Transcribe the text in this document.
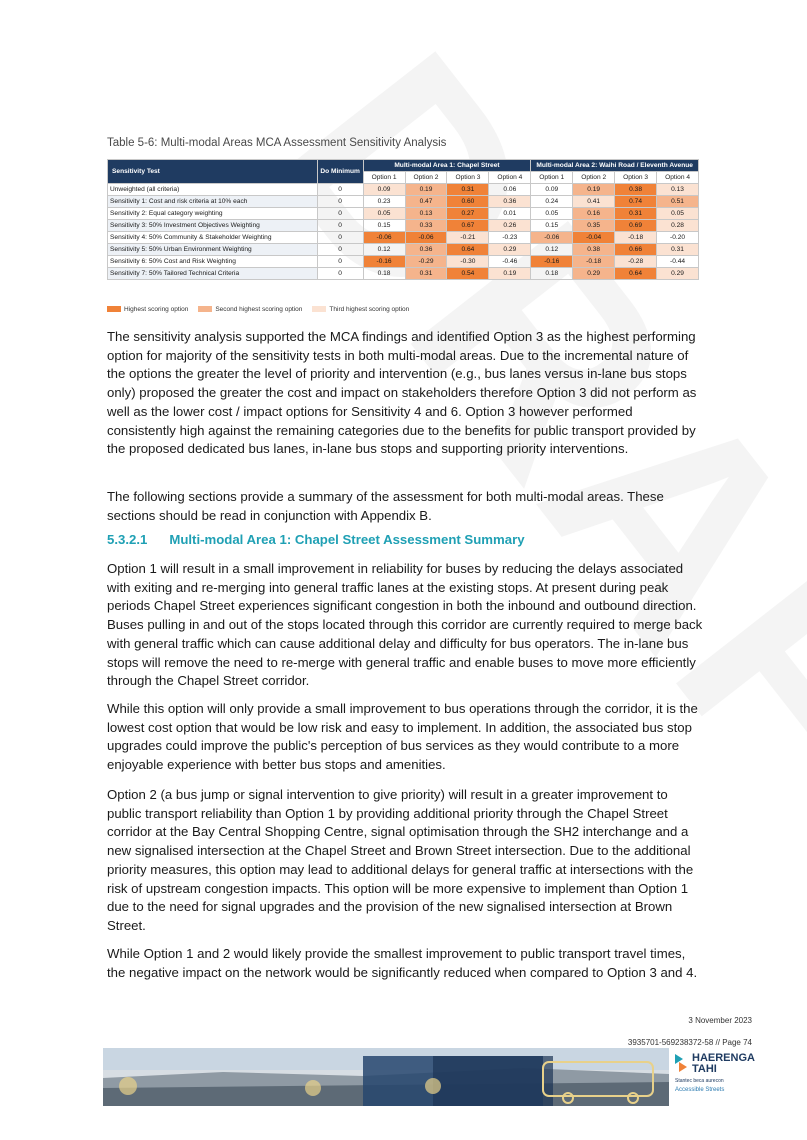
Table 5-6: Multi-modal Areas MCA Assessment Sensitivity Analysis
Sensitivity Test	Do Minimum	Multi-modal Area 1: Chapel Street				Multi-modal Area 2: Waihi Road / Eleventh Avenue			
		Option 1	Option 2	Option 3	Option 4	Option 1	Option 2	Option 3	Option 4
Unweighted (all criteria)	0	0.09	0.19	0.31	0.06	0.09	0.19	0.38	0.13
Sensitivity 1: Cost and risk criteria at 10% each	0	0.23	0.47	0.60	0.36	0.24	0.41	0.74	0.51
Sensitivity 2: Equal category weighting	0	0.05	0.13	0.27	0.01	0.05	0.16	0.31	0.05
Sensitivity 3: 50% Investment Objectives Weighting	0	0.15	0.33	0.67	0.26	0.15	0.35	0.69	0.28
Sensitivity 4: 50% Community & Stakeholder Weighting	0	-0.06	-0.06	-0.21	-0.23	-0.06	-0.04	-0.18	-0.20
Sensitivity 5: 50% Urban Environment Weighting	0	0.12	0.36	0.64	0.29	0.12	0.38	0.66	0.31
Sensitivity 6: 50% Cost and Risk Weighting	0	-0.16	-0.29	-0.30	-0.46	-0.16	-0.18	-0.28	-0.44
Sensitivity 7: 50% Tailored Technical Criteria	0	0.18	0.31	0.54	0.19	0.18	0.29	0.64	0.29
Highest scoring option	Second highest scoring option	Third highest scoring option

The sensitivity analysis supported the MCA findings and identified Option 3 as the highest performing option for majority of the sensitivity tests in both multi-modal areas. Due to the incremental nature of the options the greater the level of priority and intervention (e.g., bus lanes versus in-lane bus stops only) proposed the greater the cost and impact on stakeholders therefore Option 3 did not perform as well as the lower cost / impact options for Sensitivity 4 and 6. Option 3 however performed consistently high against the remaining categories due to the benefits for public transport provided by the proposed dedicated bus lanes, in-lane bus stops and supporting priority interventions.

The following sections provide a summary of the assessment for both multi-modal areas. These sections should be read in conjunction with Appendix B.

5.3.2.1 Multi-modal Area 1: Chapel Street Assessment Summary

Option 1 will result in a small improvement in reliability for buses by reducing the delays associated with exiting and re-merging into general traffic lanes at the existing stops. At present during peak periods Chapel Street experiences significant congestion in both the inbound and outbound direction. Buses pulling in and out of the stops located through this corridor are currently required to merge back with general traffic which can cause additional delay and difficulty for bus operators. The in-lane bus stops will remove the need to re-merge with general traffic and enable buses to move more efficiently through the Chapel Street corridor.

While this option will only provide a small improvement to bus operations through the corridor, it is the lowest cost option that would be low risk and easy to implement. In addition, the associated bus stop upgrades could improve the public's perception of bus services as they would contribute to a more enjoyable experience with better bus stops and amenities.

Option 2 (a bus jump or signal intervention to give priority) will result in a greater improvement to public transport reliability than Option 1 by providing additional priority through the Chapel Street corridor at the Bay Central Shopping Centre, signal optimisation through the SH2 interchange and a new signalised intersection at the Chapel Street and Brown Street intersection. Due to the additional priority measures, this option may lead to additional delays for general traffic at intersections with the risk of upstream congestion impacts. This option will be more expensive to implement than Option 1 due to the need for signal upgrades and the provision of the new signalised intersection at Brown Street.

While Option 1 and 2 would likely provide the smallest improvement to public transport travel times, the negative impact on the network would be significantly reduced when compared to Option 3 and 4.

3 November 2023
3935701-569238372-58 // Page 74
HAERENGA
TAHI
Stantec beca aurecon
Accessible Streets
